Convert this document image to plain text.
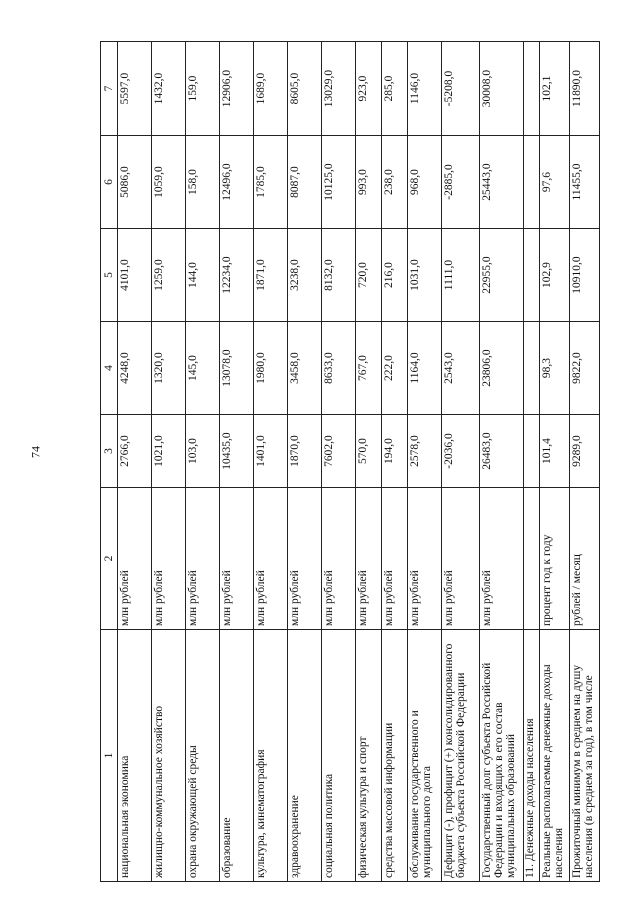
74
1	2	3	4	5	6	7
национальная экономика	млн рублей	2766,0	4248,0	4101,0	5086,0	5597,0
жилищно-коммунальное хозяйство	млн рублей	1021,0	1320,0	1259,0	1059,0	1432,0
охрана окружающей среды	млн рублей	103,0	145,0	144,0	158,0	159,0
образование	млн рублей	10435,0	13078,0	12234,0	12496,0	12906,0
культура, кинематография	млн рублей	1401,0	1980,0	1871,0	1785,0	1689,0
здравоохранение	млн рублей	1870,0	3458,0	3238,0	8087,0	8605,0
социальная политика	млн рублей	7602,0	8633,0	8132,0	10125,0	13029,0
физическая культура и спорт	млн рублей	570,0	767,0	720,0	993,0	923,0
средства массовой информации	млн рублей	194,0	222,0	216,0	238,0	285,0
обслуживание государственного и муниципального долга	млн рублей	2578,0	1164,0	1031,0	968,0	1146,0
Дефицит (-), профицит (+) консолидированного бюджета субъекта Российской Федерации	млн рублей	-2036,0	2543,0	1111,0	-2885,0	-5208,0
Государственный долг субъекта Российской Федерации и входящих в его состав муниципальных образований	млн рублей	26483,0	23806,0	22955,0	25443,0	30008,0
11. Денежные доходы населения						
Реальные располагаемые денежные доходы населения	процент год к году	101,4	98,3	102,9	97,6	102,1
Прожиточный минимум в среднем на душу населения (в среднем за год), в том числе	рублей / месяц	9289,0	9822,0	10910,0	11455,0	11890,0
